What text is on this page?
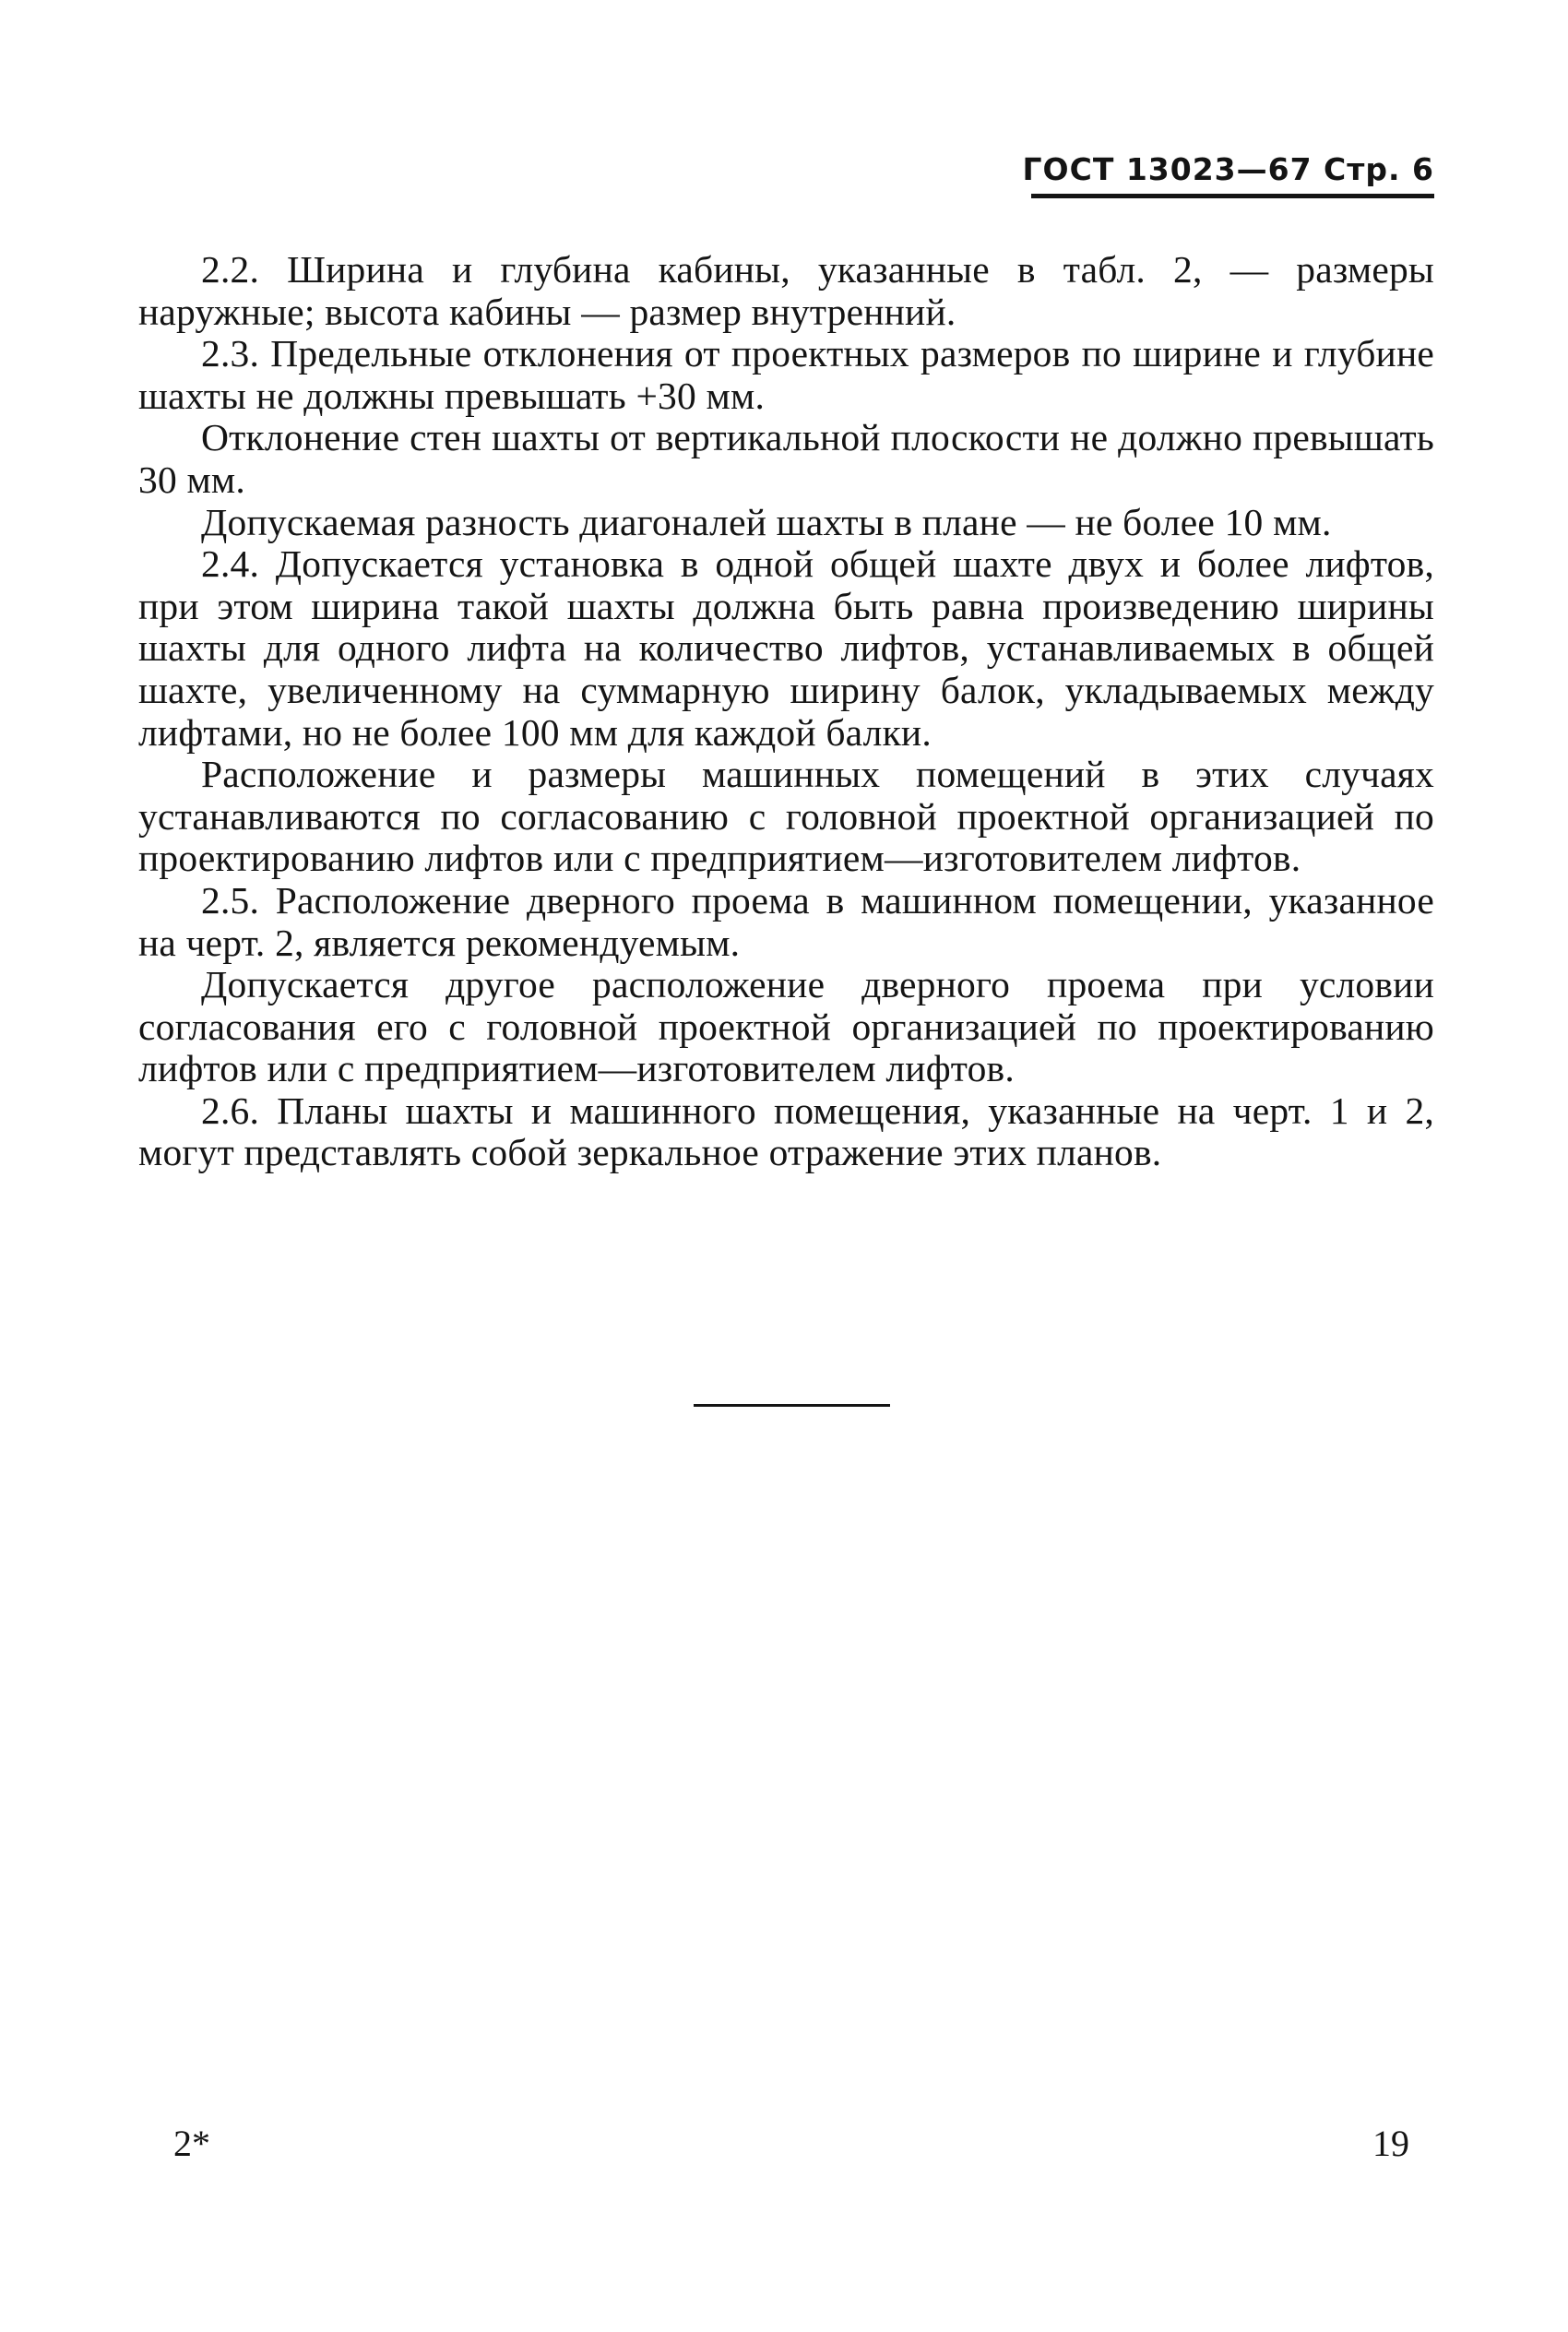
ГОСТ 13023—67 Стр. 6

2.2. Ширина и глубина кабины, указанные в табл. 2, — размеры наружные; высота кабины — размер внутренний.

2.3. Предельные отклонения от проектных размеров по ширине и глубине шахты не должны превышать +30 мм.

Отклонение стен шахты от вертикальной плоскости не должно превышать 30 мм.

Допускаемая разность диагоналей шахты в плане — не более 10 мм.

2.4. Допускается установка в одной общей шахте двух и более лифтов, при этом ширина такой шахты должна быть равна произведению ширины шахты для одного лифта на количество лифтов, устанавливаемых в общей шахте, увеличенному на суммарную ширину балок, укладываемых между лифтами, но не более 100 мм для каждой балки.

Расположение и размеры машинных помещений в этих случаях устанавливаются по согласованию с головной проектной организацией по проектированию лифтов или с предприятием—изготовителем лифтов.

2.5. Расположение дверного проема в машинном помещении, указанное на черт. 2, является рекомендуемым.

Допускается другое расположение дверного проема при условии согласования его с головной проектной организацией по проектированию лифтов или с предприятием—изготовителем лифтов.

2.6. Планы шахты и машинного помещения, указанные на черт. 1 и 2, могут представлять собой зеркальное отражение этих планов.

2*	19
